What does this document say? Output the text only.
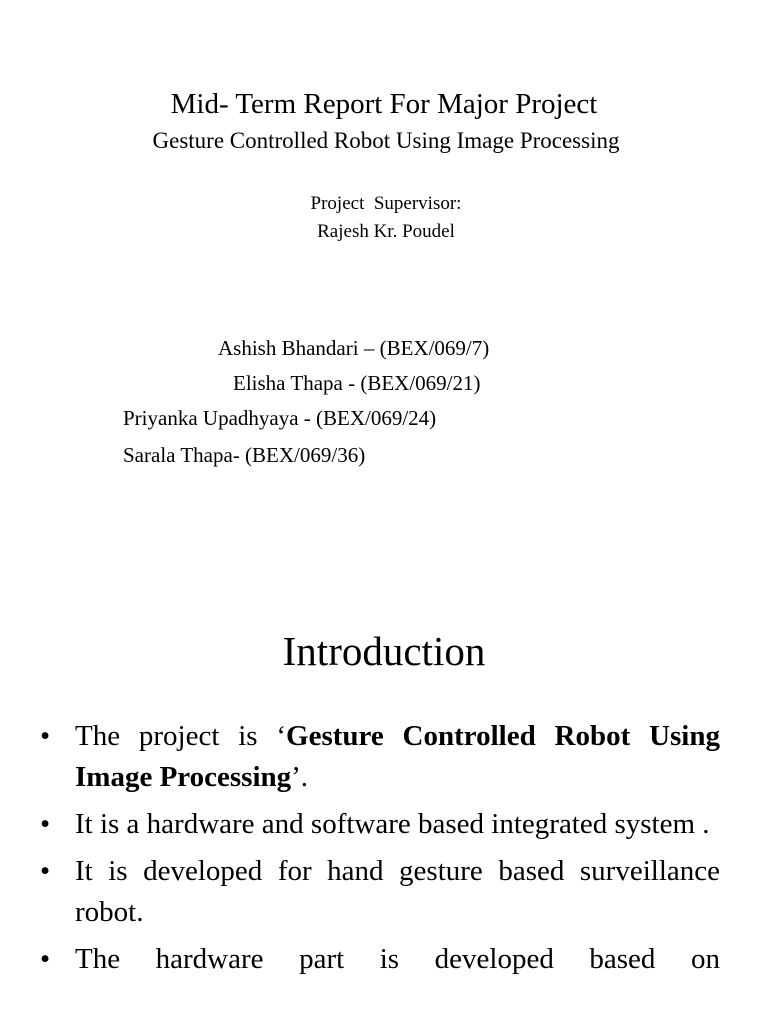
Mid- Term Report For Major Project
Gesture Controlled Robot Using Image Processing
Project  Supervisor:
Rajesh Kr. Poudel
Ashish Bhandari – (BEX/069/7)
Elisha Thapa - (BEX/069/21)
Priyanka Upadhyaya - (BEX/069/24)
Sarala Thapa- (BEX/069/36)
Introduction
• The project is ‘Gesture Controlled Robot Using Image Processing’.
• It is a hardware and software based integrated system .
• It is developed for hand gesture based surveillance robot.
• The hardware part is developed based on
